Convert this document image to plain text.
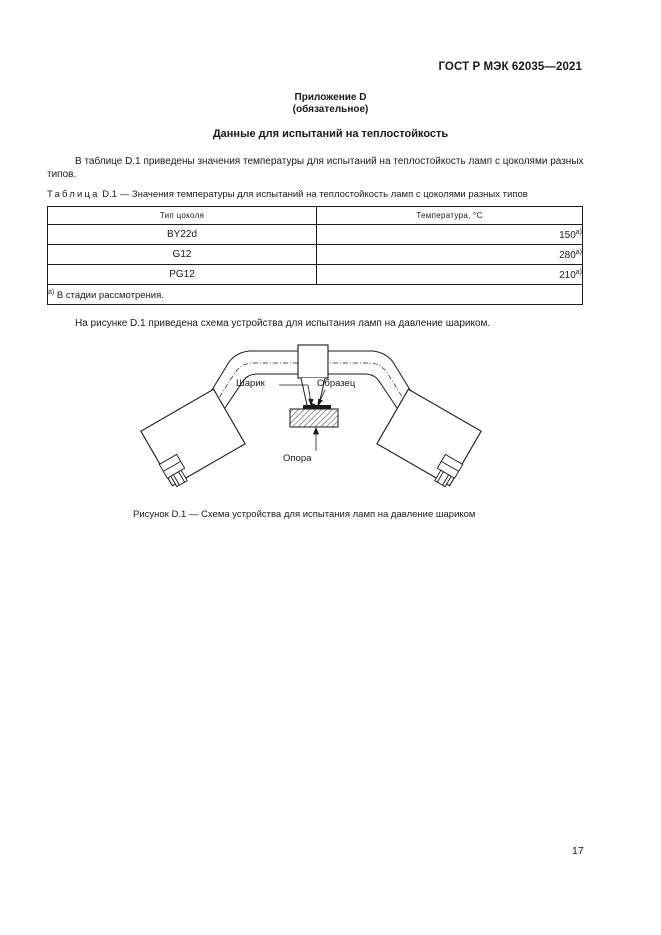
ГОСТ Р МЭК 62035—2021
Приложение D
(обязательное)
Данные для испытаний на теплостойкость
В таблице D.1 приведены значения температуры для испытаний на теплостойкость ламп с цоколями разных типов.
Таблица D.1 — Значения температуры для испытаний на теплостойкость ламп с цоколями разных типов
Тип цоколя	Температура, °С
BY22d	150$^{a)}$
G12	280$^{a)}$
PG12	210$^{a)}$
$^{a)}$ В стадии рассмотрения.	
На рисунке D.1 приведена схема устройства для испытания ламп на давление шариком.
Шарик	Образец
Опора
Рисунок D.1 — Схема устройства для испытания ламп на давление шариком
17
